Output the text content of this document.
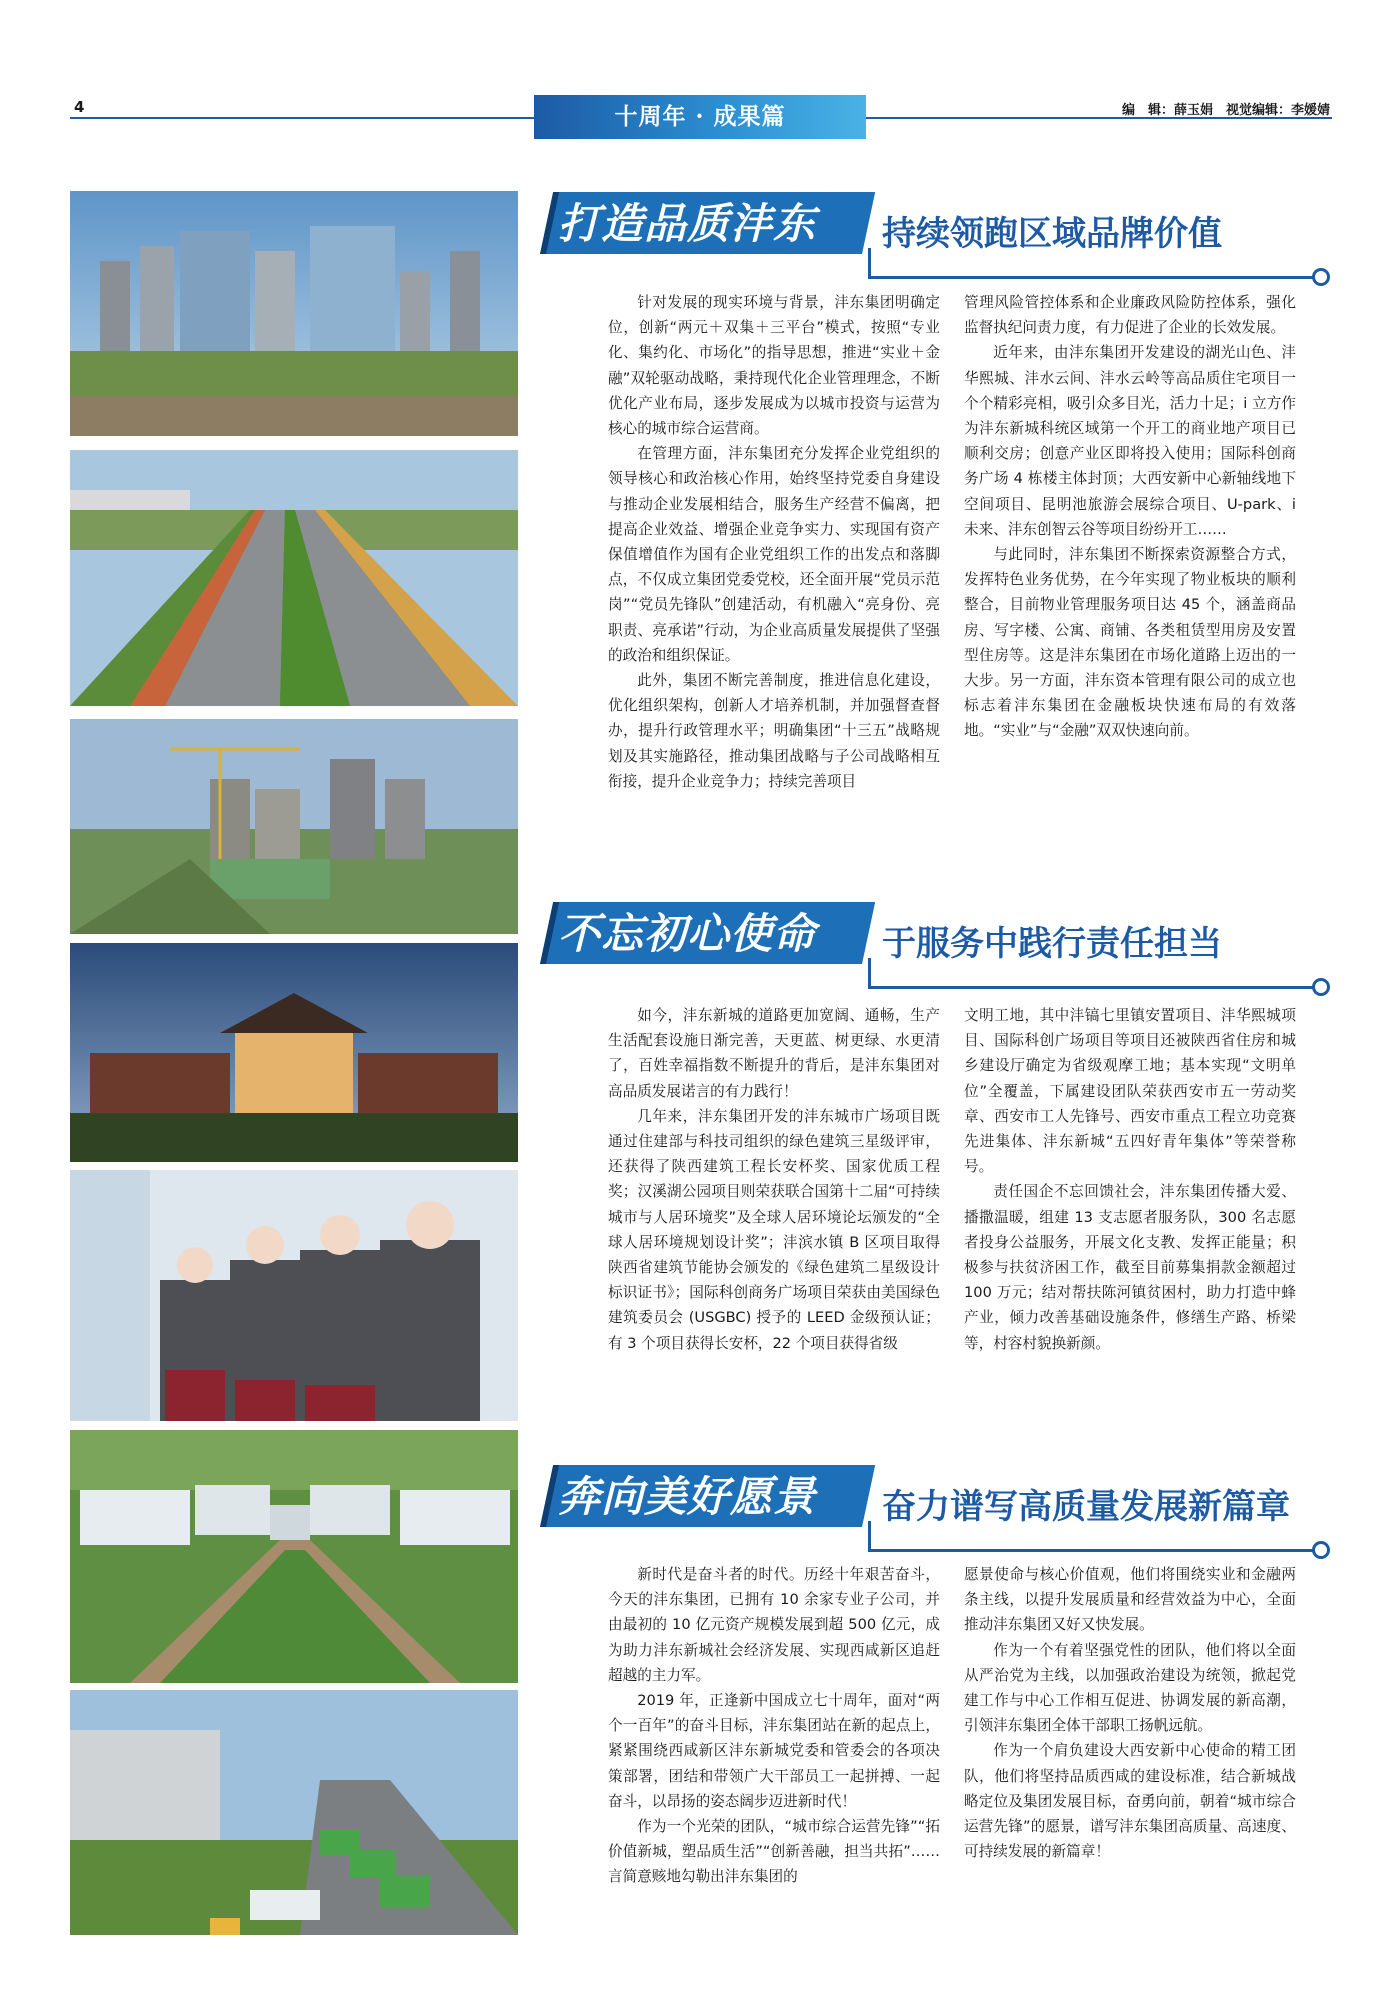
4	十周年 · 成果篇	编　辑：薛玉娟　视觉编辑：李媛婧
打造品质沣东	持续领跑区域品牌价值

针对发展的现实环境与背景，沣东集团明确定位，创新“两元＋双集＋三平台”模式，按照“专业化、集约化、市场化”的指导思想，推进“实业＋金融”双轮驱动战略，秉持现代化企业管理理念，不断优化产业布局，逐步发展成为以城市投资与运营为核心的城市综合运营商。

在管理方面，沣东集团充分发挥企业党组织的领导核心和政治核心作用，始终坚持党委自身建设与推动企业发展相结合，服务生产经营不偏离，把提高企业效益、增强企业竞争实力、实现国有资产保值增值作为国有企业党组织工作的出发点和落脚点，不仅成立集团党委党校，还全面开展“党员示范岗”“党员先锋队”创建活动，有机融入“亮身份、亮职责、亮承诺”行动，为企业高质量发展提供了坚强的政治和组织保证。

此外，集团不断完善制度，推进信息化建设，优化组织架构，创新人才培养机制，并加强督查督办，提升行政管理水平；明确集团“十三五”战略规划及其实施路径，推动集团战略与子公司战略相互衔接，提升企业竞争力；持续完善项目

管理风险管控体系和企业廉政风险防控体系，强化监督执纪问责力度，有力促进了企业的长效发展。

近年来，由沣东集团开发建设的湖光山色、沣华熙城、沣水云间、沣水云岭等高品质住宅项目一个个精彩亮相，吸引众多目光，活力十足；i 立方作为沣东新城科统区域第一个开工的商业地产项目已顺利交房；创意产业区即将投入使用；国际科创商务广场 4 栋楼主体封顶；大西安新中心新轴线地下空间项目、昆明池旅游会展综合项目、U-park、i 未来、沣东创智云谷等项目纷纷开工……

与此同时，沣东集团不断探索资源整合方式，发挥特色业务优势，在今年实现了物业板块的顺利整合，目前物业管理服务项目达 45 个，涵盖商品房、写字楼、公寓、商铺、各类租赁型用房及安置型住房等。这是沣东集团在市场化道路上迈出的一大步。另一方面，沣东资本管理有限公司的成立也标志着沣东集团在金融板块快速布局的有效落地。“实业”与“金融”双双快速向前。

不忘初心使命	于服务中践行责任担当

如今，沣东新城的道路更加宽阔、通畅，生产生活配套设施日渐完善，天更蓝、树更绿、水更清了，百姓幸福指数不断提升的背后，是沣东集团对高品质发展诺言的有力践行！

几年来，沣东集团开发的沣东城市广场项目既通过住建部与科技司组织的绿色建筑三星级评审，还获得了陕西建筑工程长安杯奖、国家优质工程奖；汉溪湖公园项目则荣获联合国第十二届“可持续城市与人居环境奖”及全球人居环境论坛颁发的“全球人居环境规划设计奖”；沣滨水镇 B 区项目取得陕西省建筑节能协会颁发的《绿色建筑二星级设计标识证书》；国际科创商务广场项目荣获由美国绿色建筑委员会 (USGBC) 授予的 LEED 金级预认证；有 3 个项目获得长安杯，22 个项目获得省级

文明工地，其中沣镐七里镇安置项目、沣华熙城项目、国际科创广场项目等项目还被陕西省住房和城乡建设厅确定为省级观摩工地；基本实现“文明单位”全覆盖，下属建设团队荣获西安市五一劳动奖章、西安市工人先锋号、西安市重点工程立功竞赛先进集体、沣东新城“五四好青年集体”等荣誉称号。

责任国企不忘回馈社会，沣东集团传播大爱、播撒温暖，组建 13 支志愿者服务队，300 名志愿者投身公益服务，开展文化支教、发挥正能量；积极参与扶贫济困工作，截至目前募集捐款金额超过 100 万元；结对帮扶陈河镇贫困村，助力打造中蜂产业，倾力改善基础设施条件，修缮生产路、桥梁等，村容村貌换新颜。

奔向美好愿景	奋力谱写高质量发展新篇章

新时代是奋斗者的时代。历经十年艰苦奋斗，今天的沣东集团，已拥有 10 余家专业子公司，并由最初的 10 亿元资产规模发展到超 500 亿元，成为助力沣东新城社会经济发展、实现西咸新区追赶超越的主力军。

2019 年，正逢新中国成立七十周年，面对“两个一百年”的奋斗目标，沣东集团站在新的起点上，紧紧围绕西咸新区沣东新城党委和管委会的各项决策部署，团结和带领广大干部员工一起拼搏、一起奋斗，以昂扬的姿态阔步迈进新时代！

作为一个光荣的团队，“城市综合运营先锋”“拓价值新城，塑品质生活”“创新善融，担当共拓”……言简意赅地勾勒出沣东集团的

愿景使命与核心价值观，他们将围绕实业和金融两条主线，以提升发展质量和经营效益为中心，全面推动沣东集团又好又快发展。

作为一个有着坚强党性的团队，他们将以全面从严治党为主线，以加强政治建设为统领，掀起党建工作与中心工作相互促进、协调发展的新高潮，引领沣东集团全体干部职工扬帆远航。

作为一个肩负建设大西安新中心使命的精工团队，他们将坚持品质西咸的建设标准，结合新城战略定位及集团发展目标，奋勇向前，朝着“城市综合运营先锋”的愿景，谱写沣东集团高质量、高速度、可持续发展的新篇章！
